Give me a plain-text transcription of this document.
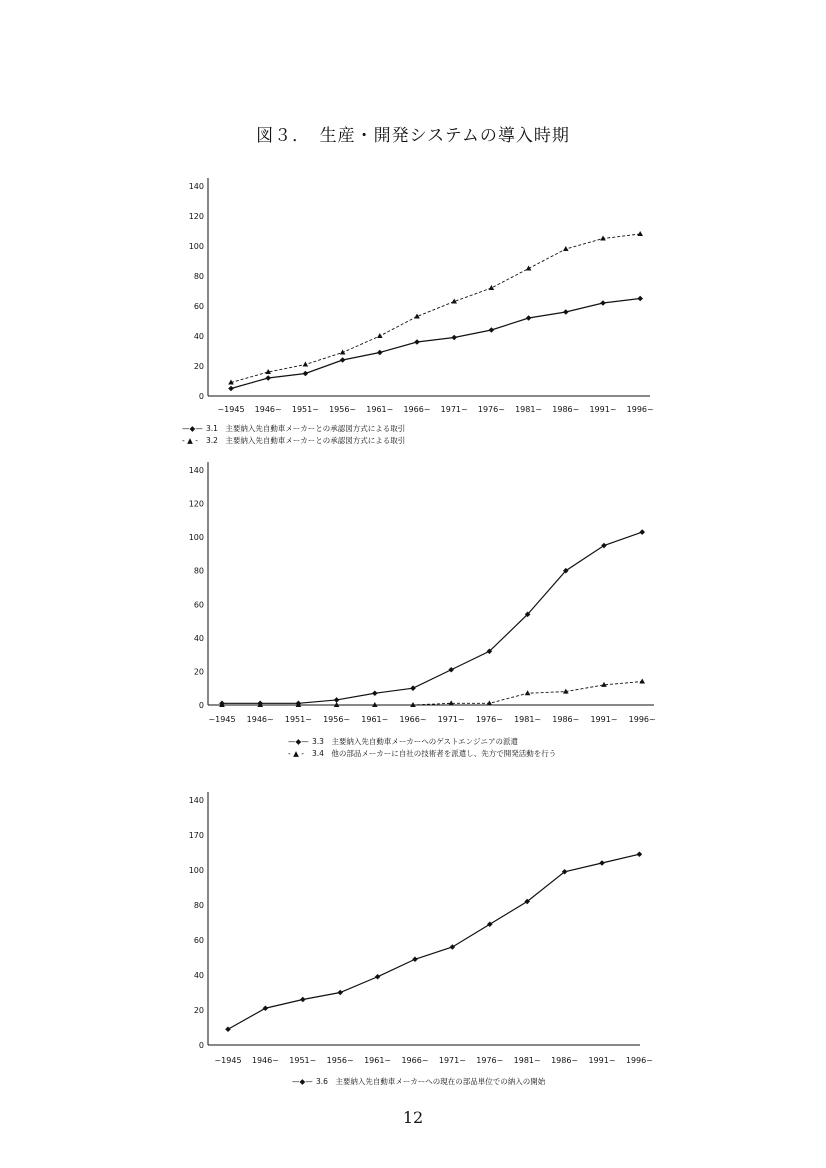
図３．　生産・開発システムの導入時期
0
20
40
60
80
100
120
140
~1945 1946~ 1951~ 1956~ 1961~ 1966~ 1971~ 1976~ 1981~ 1986~ 1991~ 1996~
—◆— 3.1　主要納入先自動車メーカーとの承認図方式による取引
- ▲ - 3.2　主要納入先自動車メーカーとの承認図方式による取引
0
20
40
60
80
100
120
140
~1945 1946~ 1951~ 1956~ 1961~ 1966~ 1971~ 1976~ 1981~ 1986~ 1991~ 1996~
—◆— 3.3　主要納入先自動車メーカーへのゲストエンジニアの派遣
- ▲ - 3.4　他の部品メーカーに自社の技術者を派遣し、先方で開発活動を行う
0
20
40
60
80
100
170
140
~1945 1946~ 1951~ 1956~ 1961~ 1966~ 1971~ 1976~ 1981~ 1986~ 1991~ 1996~
—◆— 3.6　主要納入先自動車メーカーへの現在の部品単位での納入の開始
12
